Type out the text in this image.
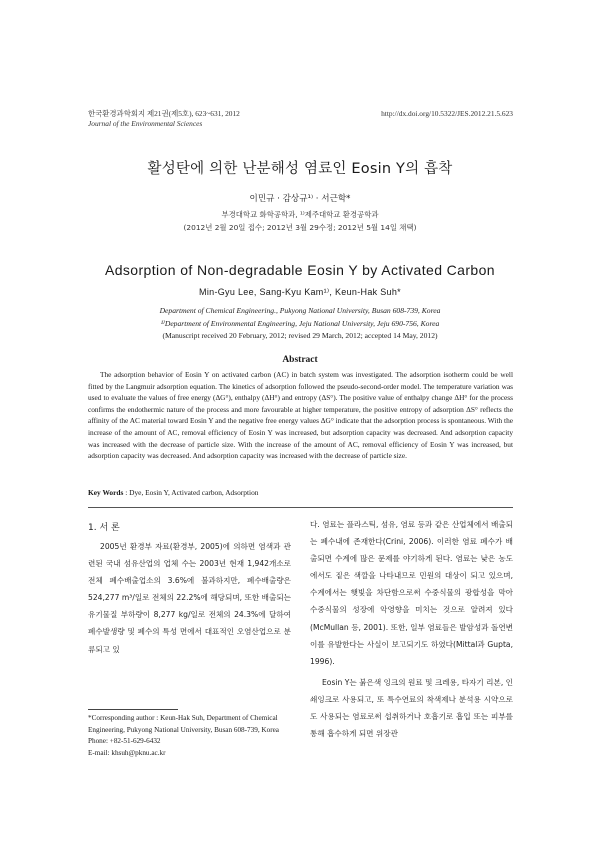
한국환경과학회지 제21권(제5호), 623~631, 2012
Journal of the Environmental Sciences
http://dx.doi.org/10.5322/JES.2012.21.5.623
활성탄에 의한 난분해성 염료인 Eosin Y의 흡착
이민규 · 감상규¹⁾ · 서근학*
부경대학교 화학공학과, ¹⁾제주대학교 환경공학과
(2012년 2월 20일 접수; 2012년 3월 29수정; 2012년 5월 14일 채택)
Adsorption of Non-degradable Eosin Y by Activated Carbon
Min-Gyu Lee, Sang-Kyu Kam¹⁾, Keun-Hak Suh*
Department of Chemical Engineering., Pukyong National University, Busan 608-739, Korea
¹⁾Department of Environmental Engineering, Jeju National University, Jeju 690-756, Korea
(Manuscript received 20 February, 2012; revised 29 March, 2012; accepted 14 May, 2012)
Abstract
The adsorption behavior of Eosin Y on activated carbon (AC) in batch system was investigated. The adsorption isotherm could be well fitted by the Langmuir adsorption equation. The kinetics of adsorption followed the pseudo-second-order model. The temperature variation was used to evaluate the values of free energy (ΔG°), enthalpy (ΔH°) and entropy (ΔS°). The positive value of enthalpy change ΔH° for the process confirms the endothermic nature of the process and more favourable at higher temperature, the positive entropy of adsorption ΔS° reflects the affinity of the AC material toward Eosin Y and the negative free energy values ΔG° indicate that the adsorption process is spontaneous. With the increase of the amount of AC, removal efficiency of Eosin Y was increased, but adsorption capacity was decreased. And adsorption capacity was increased with the decrease of particle size. With the increase of the amount of AC, removal efficiency of Eosin Y was increased, but adsorption capacity was decreased. And adsorption capacity was increased with the decrease of particle size.
Key Words : Dye, Eosin Y, Activated carbon, Adsorption
1. 서 론

2005년 환경부 자료(환경부, 2005)에 의하면 염색과 관련된 국내 섬유산업의 업체 수는 2003년 현재 1,942개소로 전체 폐수배출업소의 3.6%에 불과하지만, 폐수배출량은 524,277 m³/일로 전체의 22.2%에 해당되며, 또한 배출되는 유기물질 부하량이 8,277 kg/일로 전체의 24.3%에 달하여 폐수발생량 및 폐수의 특성 면에서 대표적인 오염산업으로 분류되고 있

다. 염료는 플라스틱, 섬유, 염료 등과 같은 산업체에서 배출되는 폐수내에 존재한다(Crini, 2006). 이러한 염료 폐수가 배출되면 수계에 많은 문제를 야기하게 된다. 염료는 낮은 농도에서도 짙은 색깔을 나타내므로 민원의 대상이 되고 있으며, 수계에서는 햇빛을 차단함으로써 수중식물의 광합성을 막아 수중식물의 성장에 악영향을 미치는 것으로 알려져 있다(McMullan 등, 2001). 또한, 일부 염료들은 발암성과 돌연변이를 유발한다는 사실이 보고되기도 하였다(Mittal과 Gupta, 1996).

Eosin Y는 붉은색 잉크의 원료 및 크레용, 타자기 리본, 인쇄잉크로 사용되고, 또 특수연료의 착색제나 분석용 시약으로도 사용되는 염료로써 섭취하거나 호흡기로 흡입 또는 피부를 통해 흡수하게 되면 위장관

*Corresponding author : Keun-Hak Suh, Department of Chemical Engineering, Pukyong National University, Busan 608-739, Korea

Phone: +82-51-629-6432

E-mail: khsuh@pknu.ac.kr
